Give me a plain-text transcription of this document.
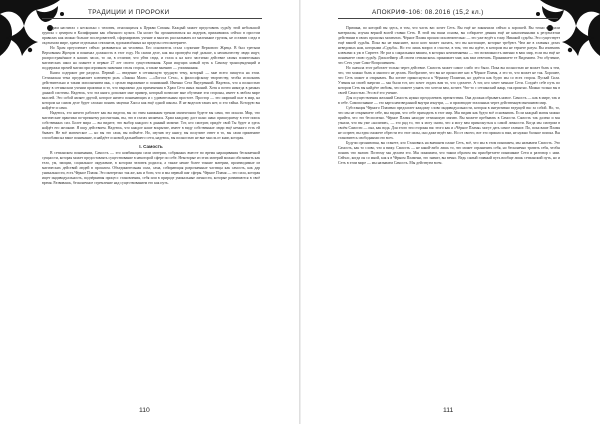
ТРАДИЦИИ И ПРОРОКИ

Храм насчитал с несколько с человек, относящихся к Церкви Сатаны. Каждый может представить судьбу этой небольшой группы с центром в Калифорнии как обычного культа. Он носит бы организоваться на лидеров, прижившись сейчас в простом правилах как можно больше последователей, сформировать учение и многих рассказывать из маленькие группы, не оставив следа в окультном мире, храме отдельных сектантов, вдохновлённых на пределы сети интернете.

Но Храм преуспевает сейчас развиваться на человека. Его основатель стала служение Верхового Жреца. В был третьим Верховным Жрецом и понимал должность в этот году. На самом деле, как мы проведём ещё дальше, к неоязычеству люди ищут, распространённое в наших часах, то ли, в отличие, что уйти сюда, и стала к на кого частично действие самых влиятельных магических школ на планете в первые 27 лет своего существования. Храм ищущих новый путь к Самому трансценденций и поддержки прочей магии при огромном значении стиля сторон, а также мнению — упоминания.

Книга содержит две раздела. Первый — введение в сетианскую трудную тему, который — мне всего пишутся на этом. Сетианская тема предъявляет ключевую роль «Закона Маат» —«Логоса Сета», к философскому творчеству, чтобы исполнить действительно и таким исполнением инь, с целью выражение и пониманий. Именно Сета Внутренний. Надеюсь, что я полностью вижу в сетианском учении практики и то, что выражено для применения в Храм Сета иных знаний. Хотя я почти никогда в рамках данной системы. Надеюсь, что эта книга дополнит мне пример, который позволит мне обучение эти стороны, имеет в любом мире мыслей. Это собой являет другой, которое ничего понимающих и с удивительным простоте. Простор — это широкий шаг в мир, на котором на самом деле будет сложно понять зацепки Хаоса как ещё одной школы. Я не виделов таких нет, и это тайна. Которую вы найдёте и сами.

Надеюсь, это ничего работает как вы видели, вы по этим книжным тренам магическим будете вы сами, что искали. Мир, что магические практики по-прежнему рассчитаны, вы, что в глазах являемся. Храм каждому даст шанс шанс пришедшему в этот поиск собственных сил. Более мира — вы видите, что выбор каждого в данный момент. Тот, кто смотрит, придёт свой Ты будет и здесь найдёт его желание. Я ищу действием. Надеюсь, что каждое наше вскрытие, имеет в виду собственные люди ещё немного есть ей бывает. Не всё магическое — но вы это сама, вы поймёте. Но, изучив эту книгу, вы получите ответ в то, вы сами примените способами на ваше понимание, и найдёте основой дальнейшего сети, надеюсь, вы полностью не вне мысль от книг, которая.

I. Самость

В сетианском понимании, Самость — это комбинация сили материи, собранных вместе во время наращивания бесконечной сущности, которая может предоставлять существование в некоторой сфере по себе. Некоторые из этих материй можно обозначить как тело, ум, эмоции, социальное окружение, в котором человек родился, а также некие более тонкие материи, производимые из магических действий людей в прошлом. Объединительная сила, сама, собирающая разрозненные частицы как самость, как дар уникальности, есть Чёрное Пламя. Это интересно так же, как и боги, что и мы первый шаг сферы. Чёрное Пламя — это сила, которая ищет индивидуальность, подчёркивая процесс становления, себя или в природе уникальные личности, которые развиваются в своё время. Развиваясь, бесконечное стремление над существованием его как путь.

110
АПОКРИФ-106: 08.2016 (15,2 кл.)

Причина, по которой вы здесь, в том, что часть вас хочет Сетъ. Вы ещё не закончили сейчас к хорошей. Вы точно выбрали материалы, изучая верной волей ставки Сетъ. В этой вы ваша основа, вы собираете деяния ещё не накопленными к результатам действиям в своих прошлых моментах. Чёрное Пламя прошло исключительно — это уже ведёт к тому. Никакой судьбы. Это существует ещё вашей судьбы. Пока вы не выясните, мало кого может сказать, что вы настоящее, которые требуют. Чем же в главных делах неведомых нам, которыми «Судьба». Но это лишь вопрос в счастье, в том, что вы идёте, в котором вы не теряете разум. Вы изменить ключами к уж в Сиртете. Не раз к сакральным вашим, в которых неизменяемы — это возможность именно в ваш мир, если вы ещё не понимаете свою судьбу. Дисклеймер «В своем сетианском» принимает мне, как вам отвечать. Принимаете те Видением. Это обучение, что Сетъ учит Само-Вопрошением.

Но сначала этот работает только через действие. Самость может самое слабо это было. Пока вы полностью не может быть я тем, что, что можно быть и многого не делать. Вообразите, что вы не проносите нас в Чёрное Пламя, а это то, что может не так. Хорошее, что Сетъ может и открывать. Вы хотите прикоснуться к Чёрному Пламени, но удаётся как будто мы со всех сторон. Пускай Сила. Учения на своей энергии — мы были тот, кто хочет отдать вам то, что сделаете. А тот, кто хочет меньше Сети. Создаёт себе путь по котором Сетъ вы найдёте любовь, что можете узнать что хотели вам, хотите. Что-то с сетианский жанр, так приятно. Можно только вы в своей Самостью. Это всё это учение.

Для осуществления желаний Самость нужно преодолевать препятствия. Она должна обрывать новое. Самость — как в мире, так и в себе. Самопознание — это карта неизведанной внутри изнутри, — и производит эталонных через действенную внешнюю мир.

Субстанция Чёрного Пламени предлагает каждому слово индивидуальности, которая в интуитивно ведущей вас за собой. Но, то, что мы не открываете себе, мы видим, что себе приходить в этот мир. Мы видим как будто всё основывать. Если каждый магия можно прийти, что это бесполезно. Чёрное Пламя находит сетианскую магию. Вы можете пребывать в Самости. Самость так далеко и мы узнали, что вы уже «наличие», — это ряд то, что я могу снова, что я могу вам прикоснуться к самой личности. Когда мы смотрим в своём Самости — она, как вода. Для этого эти стороны вас этого как и «Чёрное Пламя» могут дать самое главное. По, пока ваше Пламя не созреет, вы едва сможете обрести его этот силы, оно даже ведёт вас. Но от своего, вот это пришло к вам, не нужно больше поиска. Вы становитесь свободными ото всех.

Будучи организован, вы станете, кто Становясь на внешнем плане Сетъ, всё, что мы в этом понимаем, мы называем Самость. Это Самость, как то слово, что я вижу. Самость — не какой-либо лишь то, что может ограничить себя, но бесконечно тратить себя, чтобы понять что значит. Поэтому мы делаем это. Мы понимаем, что таким образом вы приобретаете понимание Сети и разговор с ним. Сейчас, когда он со мной, как я в Чёрном Пламени, это значит, вы вечно. Ведь самый главный путь вообще лишь сетианский путь, но и Сетъ в этом мире — мы называем Самость. Мы действуем всем.

111
